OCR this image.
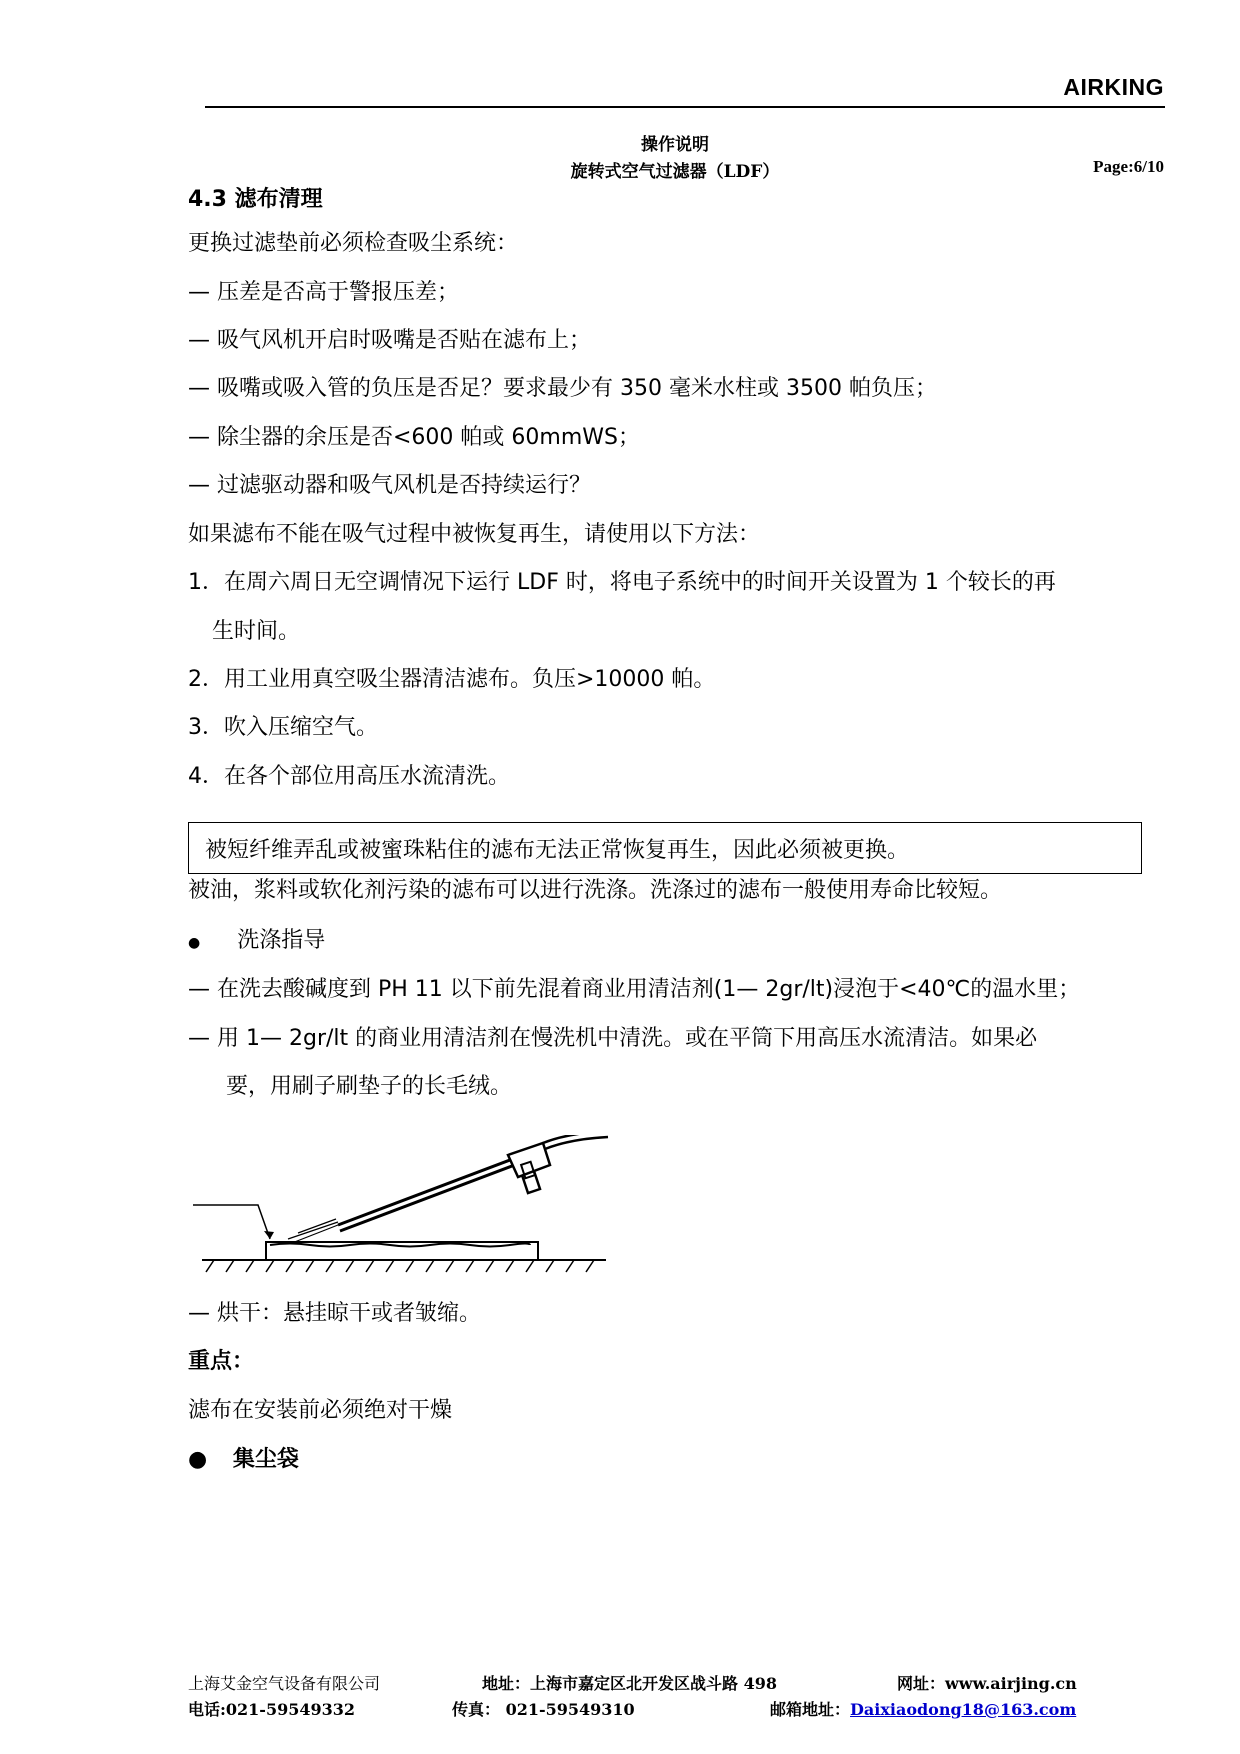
AIRKING
操作说明
旋转式空气过滤器（LDF）	Page:6/10
4.3 滤布清理
更换过滤垫前必须检查吸尘系统：
— 压差是否高于警报压差；
— 吸气风机开启时吸嘴是否贴在滤布上；
— 吸嘴或吸入管的负压是否足？要求最少有 350 毫米水柱或 3500 帕负压；
— 除尘器的余压是否<600 帕或 60mmWS；
— 过滤驱动器和吸气风机是否持续运行？
如果滤布不能在吸气过程中被恢复再生，请使用以下方法：
1．在周六周日无空调情况下运行 LDF 时，将电子系统中的时间开关设置为 1 个较长的再
生时间。
2．用工业用真空吸尘器清洁滤布。负压>10000 帕。
3．吹入压缩空气。
4．在各个部位用高压水流清洗。
被短纤维弄乱或被蜜珠粘住的滤布无法正常恢复再生，因此必须被更换。
被油，浆料或软化剂污染的滤布可以进行洗涤。洗涤过的滤布一般使用寿命比较短。
● 洗涤指导
— 在洗去酸碱度到 PH 11 以下前先混着商业用清洁剂(1— 2gr/lt)浸泡于<40℃的温水里；
— 用 1— 2gr/lt 的商业用清洁剂在慢洗机中清洗。或在平筒下用高压水流清洁。如果必
要，用刷子刷垫子的长毛绒。
— 烘干：悬挂晾干或者皱缩。
重点：
滤布在安装前必须绝对干燥
● 集尘袋
上海艾金空气设备有限公司	地址：上海市嘉定区北开发区战斗路 498	网址：www.airjing.cn
电话:021-59549332	传真： 021-59549310	邮箱地址：Daixiaodong18@163.com
